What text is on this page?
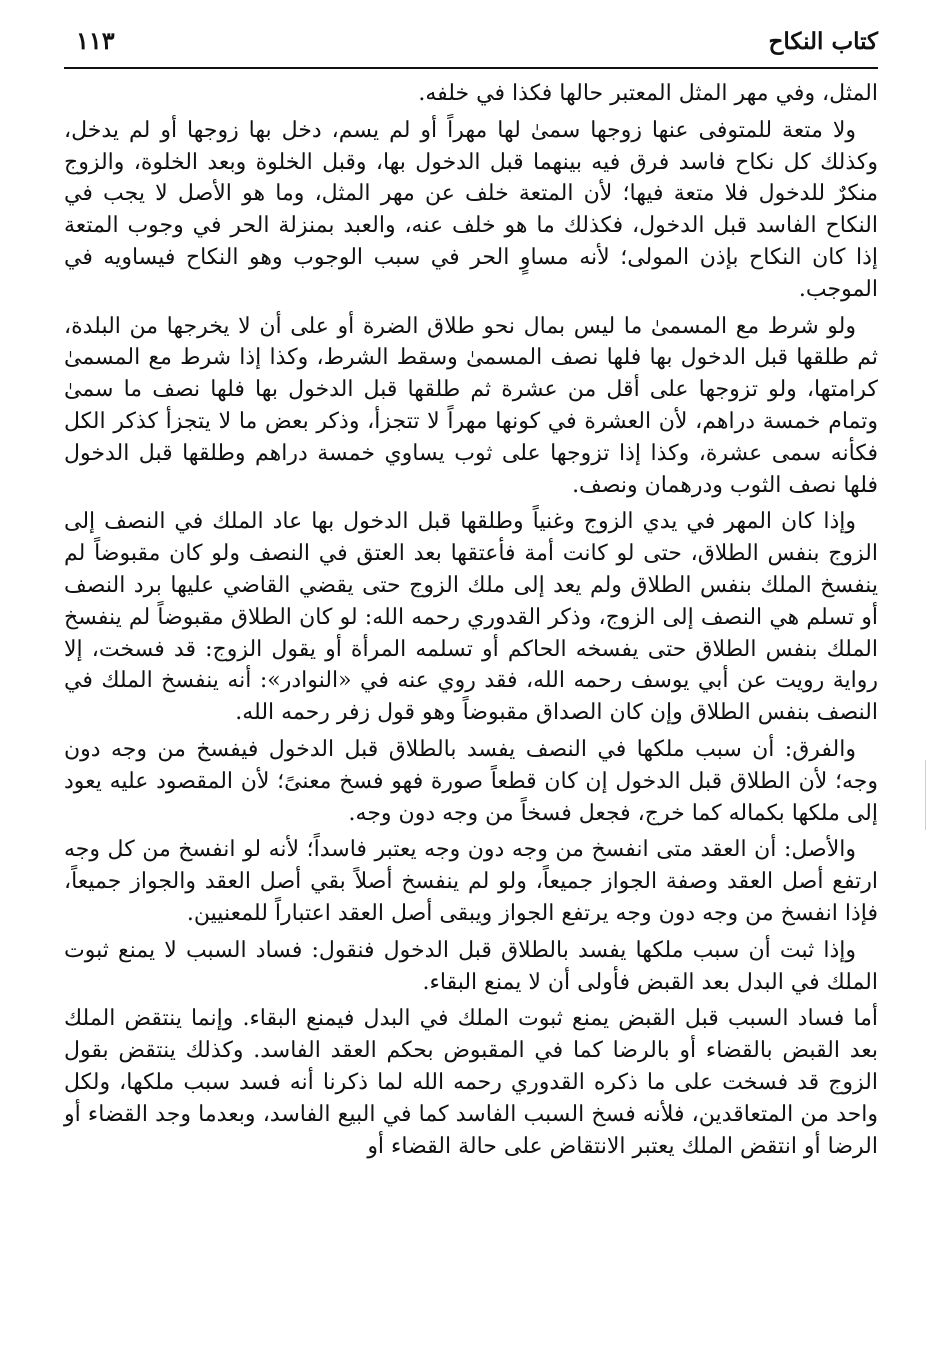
كتاب النكاح
١١٣

المثل، وفي مهر المثل المعتبر حالها فكذا في خلفه.

ولا متعة للمتوفى عنها زوجها سمىٰ لها مهراً أو لم يسم، دخل بها زوجها أو لم يدخل، وكذلك كل نكاح فاسد فرق فيه بينهما قبل الدخول بها، وقبل الخلوة وبعد الخلوة، والزوج منكرٌ للدخول فلا متعة فيها؛ لأن المتعة خلف عن مهر المثل، وما هو الأصل لا يجب في النكاح الفاسد قبل الدخول، فكذلك ما هو خلف عنه، والعبد بمنزلة الحر في وجوب المتعة إذا كان النكاح بإذن المولى؛ لأنه مساوٍ الحر في سبب الوجوب وهو النكاح فيساويه في الموجب.

ولو شرط مع المسمىٰ ما ليس بمال نحو طلاق الضرة أو على أن لا يخرجها من البلدة، ثم طلقها قبل الدخول بها فلها نصف المسمىٰ وسقط الشرط، وكذا إذا شرط مع المسمىٰ كرامتها، ولو تزوجها على أقل من عشرة ثم طلقها قبل الدخول بها فلها نصف ما سمىٰ وتمام خمسة دراهم، لأن العشرة في كونها مهراً لا تتجزأ، وذكر بعض ما لا يتجزأ كذكر الكل فكأنه سمى عشرة، وكذا إذا تزوجها على ثوب يساوي خمسة دراهم وطلقها قبل الدخول فلها نصف الثوب ودرهمان ونصف.

وإذا كان المهر في يدي الزوج وغنياً وطلقها قبل الدخول بها عاد الملك في النصف إلى الزوج بنفس الطلاق، حتى لو كانت أمة فأعتقها بعد العتق في النصف ولو كان مقبوضاً لم ينفسخ الملك بنفس الطلاق ولم يعد إلى ملك الزوج حتى يقضي القاضي عليها برد النصف أو تسلم هي النصف إلى الزوج، وذكر القدوري رحمه الله: لو كان الطلاق مقبوضاً لم ينفسخ الملك بنفس الطلاق حتى يفسخه الحاكم أو تسلمه المرأة أو يقول الزوج: قد فسخت، إلا رواية رويت عن أبي يوسف رحمه الله، فقد روي عنه في «النوادر»: أنه ينفسخ الملك في النصف بنفس الطلاق وإن كان الصداق مقبوضاً وهو قول زفر رحمه الله.

والفرق: أن سبب ملكها في النصف يفسد بالطلاق قبل الدخول فيفسخ من وجه دون وجه؛ لأن الطلاق قبل الدخول إن كان قطعاً صورة فهو فسخ معنىً؛ لأن المقصود عليه يعود إلى ملكها بكماله كما خرج، فجعل فسخاً من وجه دون وجه.

والأصل: أن العقد متى انفسخ من وجه دون وجه يعتبر فاسداً؛ لأنه لو انفسخ من كل وجه ارتفع أصل العقد وصفة الجواز جميعاً، ولو لم ينفسخ أصلاً بقي أصل العقد والجواز جميعاً، فإذا انفسخ من وجه دون وجه يرتفع الجواز ويبقى أصل العقد اعتباراً للمعنيين.

وإذا ثبت أن سبب ملكها يفسد بالطلاق قبل الدخول فنقول: فساد السبب لا يمنع ثبوت الملك في البدل بعد القبض فأولى أن لا يمنع البقاء.

أما فساد السبب قبل القبض يمنع ثبوت الملك في البدل فيمنع البقاء. وإنما ينتقض الملك بعد القبض بالقضاء أو بالرضا كما في المقبوض بحكم العقد الفاسد. وكذلك ينتقض بقول الزوج قد فسخت على ما ذكره القدوري رحمه الله لما ذكرنا أنه فسد سبب ملكها، ولكل واحد من المتعاقدين، فلأنه فسخ السبب الفاسد كما في البيع الفاسد، وبعدما وجد القضاء أو الرضا أو انتقض الملك يعتبر الانتقاض على حالة القضاء أو
